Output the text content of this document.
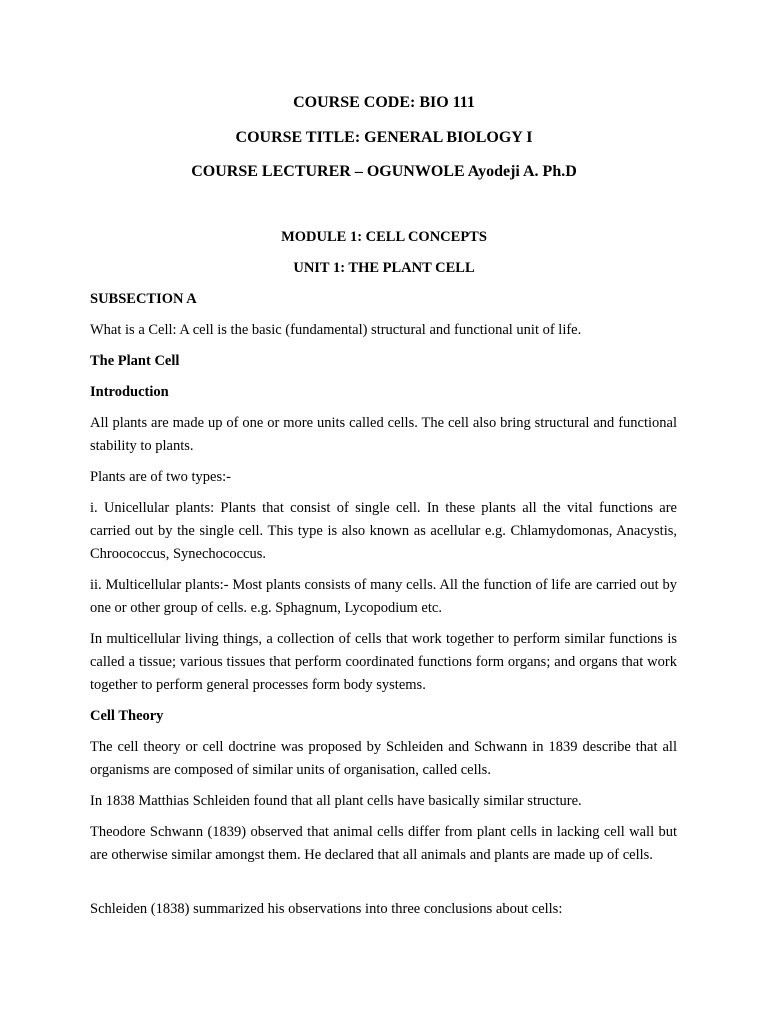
COURSE CODE: BIO 111
COURSE TITLE: GENERAL BIOLOGY I
COURSE LECTURER – OGUNWOLE Ayodeji A. Ph.D
MODULE 1: CELL CONCEPTS
UNIT 1: THE PLANT CELL
SUBSECTION A
What is a Cell: A cell is the basic (fundamental) structural and functional unit of life.
The Plant Cell
Introduction
All plants are made up of one or more units called cells. The cell also bring structural and functional stability to plants.
Plants are of two types:-
i. Unicellular plants: Plants that consist of single cell. In these plants all the vital functions are carried out by the single cell. This type is also known as acellular e.g. Chlamydomonas, Anacystis, Chroococcus, Synechococcus.
ii. Multicellular plants:- Most plants consists of many cells. All the function of life are carried out by one or other group of cells. e.g. Sphagnum, Lycopodium etc.
In multicellular living things, a collection of cells that work together to perform similar functions is called a tissue; various tissues that perform coordinated functions form organs; and organs that work together to perform general processes form body systems.
Cell Theory
The cell theory or cell doctrine was proposed by Schleiden and Schwann in 1839 describe that all organisms are composed of similar units of organisation, called cells.
In 1838 Matthias Schleiden found that all plant cells have basically similar structure.
Theodore Schwann (1839) observed that animal cells differ from plant cells in lacking cell wall but are otherwise similar amongst them. He declared that all animals and plants are made up of cells.
Schleiden (1838) summarized his observations into three conclusions about cells:
